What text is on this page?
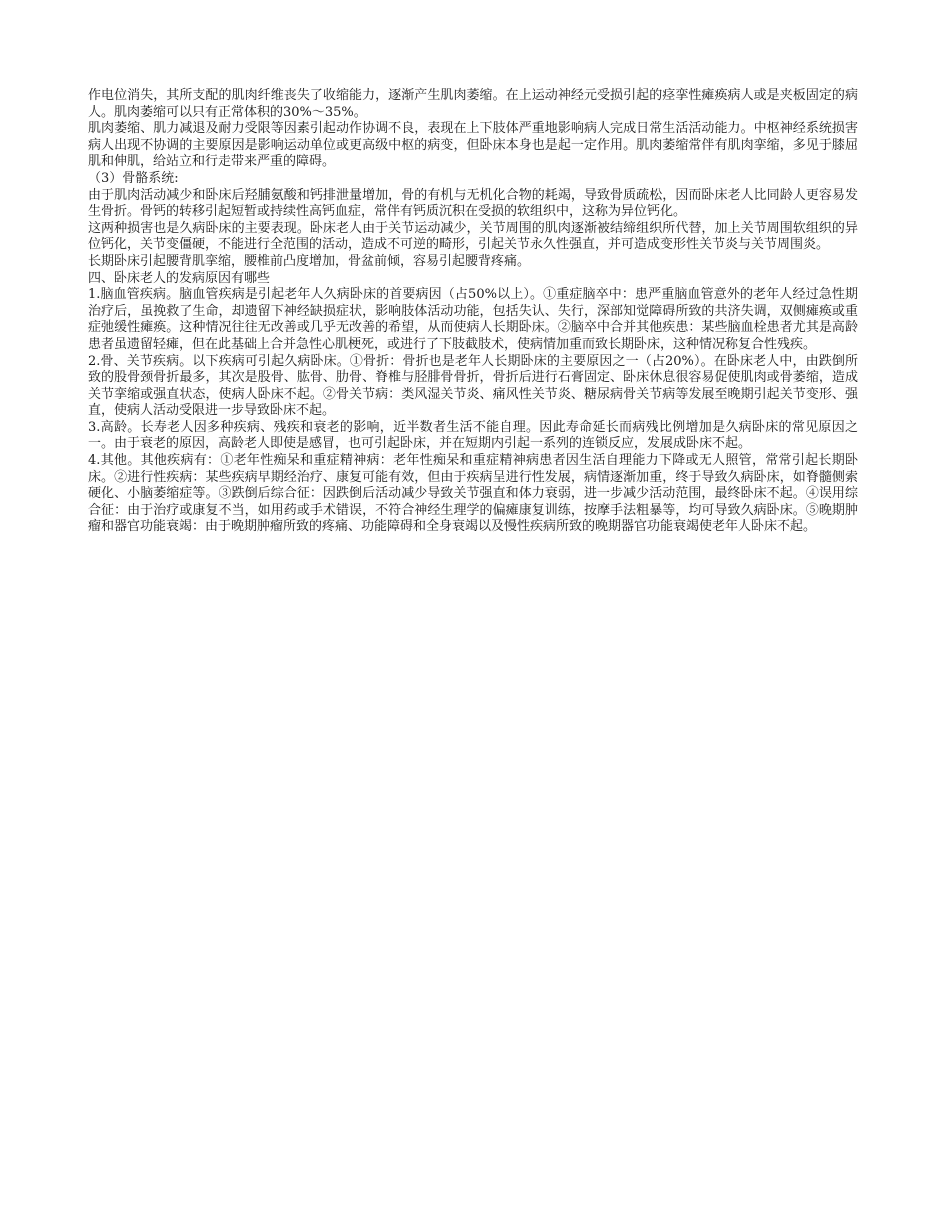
作电位消失，其所支配的肌肉纤维丧失了收缩能力，逐渐产生肌肉萎缩。在上运动神经元受损引起的痉挛性瘫痪病人或是夹板固定的病人。肌肉萎缩可以只有正常体积的30%～35%。

肌肉萎缩、肌力减退及耐力受限等因素引起动作协调不良，表现在上下肢体严重地影响病人完成日常生活活动能力。中枢神经系统损害病人出现不协调的主要原因是影响运动单位或更高级中枢的病变，但卧床本身也是起一定作用。肌肉萎缩常伴有肌肉挛缩，多见于膝屈肌和伸肌，给站立和行走带来严重的障碍。

（3）骨骼系统:

由于肌肉活动减少和卧床后羟脯氨酸和钙排泄量增加，骨的有机与无机化合物的耗竭，导致骨质疏松，因而卧床老人比同龄人更容易发生骨折。骨钙的转移引起短暂或持续性高钙血症，常伴有钙质沉积在受损的软组织中，这称为异位钙化。

这两种损害也是久病卧床的主要表现。卧床老人由于关节运动减少，关节周围的肌肉逐渐被结缔组织所代替，加上关节周围软组织的异位钙化，关节变僵硬，不能进行全范围的活动，造成不可逆的畸形，引起关节永久性强直，并可造成变形性关节炎与关节周围炎。

长期卧床引起腰背肌挛缩，腰椎前凸度增加，骨盆前倾，容易引起腰背疼痛。

四、卧床老人的发病原因有哪些

1.脑血管疾病。脑血管疾病是引起老年人久病卧床的首要病因（占50%以上）。①重症脑卒中：患严重脑血管意外的老年人经过急性期治疗后，虽挽救了生命，却遗留下神经缺损症状，影响肢体活动功能，包括失认、失行，深部知觉障碍所致的共济失调，双侧瘫痪或重症弛缓性瘫痪。这种情况往往无改善或几乎无改善的希望，从而使病人长期卧床。②脑卒中合并其他疾患：某些脑血栓患者尤其是高龄患者虽遗留轻瘫，但在此基础上合并急性心肌梗死，或进行了下肢截肢术，使病情加重而致长期卧床，这种情况称复合性残疾。

2.骨、关节疾病。以下疾病可引起久病卧床。①骨折：骨折也是老年人长期卧床的主要原因之一（占20%）。在卧床老人中，由跌倒所致的股骨颈骨折最多，其次是股骨、肱骨、肋骨、脊椎与胫腓骨骨折，骨折后进行石膏固定、卧床休息很容易促使肌肉或骨萎缩，造成关节挛缩或强直状态，使病人卧床不起。②骨关节病：类风湿关节炎、痛风性关节炎、糖尿病骨关节病等发展至晚期引起关节变形、强直，使病人活动受限进一步导致卧床不起。

3.高龄。长寿老人因多种疾病、残疾和衰老的影响，近半数者生活不能自理。因此寿命延长而病残比例增加是久病卧床的常见原因之一。由于衰老的原因，高龄老人即使是感冒，也可引起卧床，并在短期内引起一系列的连锁反应，发展成卧床不起。

4.其他。其他疾病有：①老年性痴呆和重症精神病：老年性痴呆和重症精神病患者因生活自理能力下降或无人照管，常常引起长期卧床。②进行性疾病：某些疾病早期经治疗、康复可能有效，但由于疾病呈进行性发展，病情逐渐加重，终于导致久病卧床，如脊髓侧索硬化、小脑萎缩症等。③跌倒后综合征：因跌倒后活动减少导致关节强直和体力衰弱，进一步减少活动范围，最终卧床不起。④误用综合征：由于治疗或康复不当，如用药或手术错误，不符合神经生理学的偏瘫康复训练，按摩手法粗暴等，均可导致久病卧床。⑤晚期肿瘤和器官功能衰竭：由于晚期肿瘤所致的疼痛、功能障碍和全身衰竭以及慢性疾病所致的晚期器官功能衰竭使老年人卧床不起。
